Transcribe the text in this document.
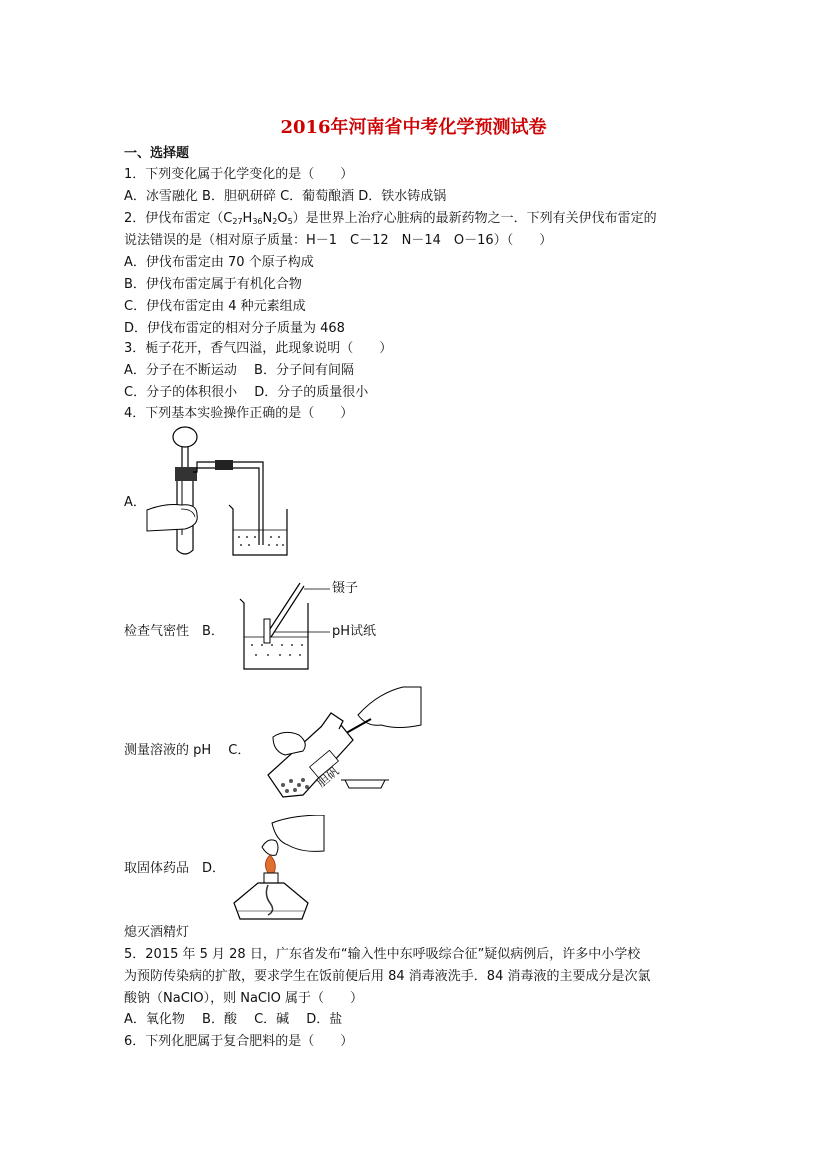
2016年河南省中考化学预测试卷
一、选择题
1．下列变化属于化学变化的是（　　）
A．冰雪融化 B．胆矾研碎 C．葡萄酿酒 D．铁水铸成锅
2．伊伐布雷定$(C_{27}H_{36}N_2O_5)$是世界上治疗心脏病的最新药物之一．下列有关伊伐布雷定的
说法错误的是（相对原子质量：H－1　C－12　N－14　O－16）（　　）
A．伊伐布雷定由 70 个原子构成
B．伊伐布雷定属于有机化合物
C．伊伐布雷定由 4 种元素组成
D．伊伐布雷定的相对分子质量为 468
3．栀子花开，香气四溢，此现象说明（　　）
A．分子在不断运动　 B．分子间有间隔
C．分子的体积很小　 D．分子的质量很小
4．下列基本实验操作正确的是（　　）
A．
检查气密性　B．
镊子
pH试纸
测量溶液的 pH　 C．
胆矾
取固体药品　D．
熄灭酒精灯
5．2015 年 5 月 28 日，广东省发布“输入性中东呼吸综合征”疑似病例后，许多中小学校
为预防传染病的扩散，要求学生在饭前便后用 84 消毒液洗手．84 消毒液的主要成分是次氯
酸钠（NaClO），则 NaClO 属于（　　）
A．氧化物　 B．酸　 C．碱　 D．盐
6．下列化肥属于复合肥料的是（　　）
